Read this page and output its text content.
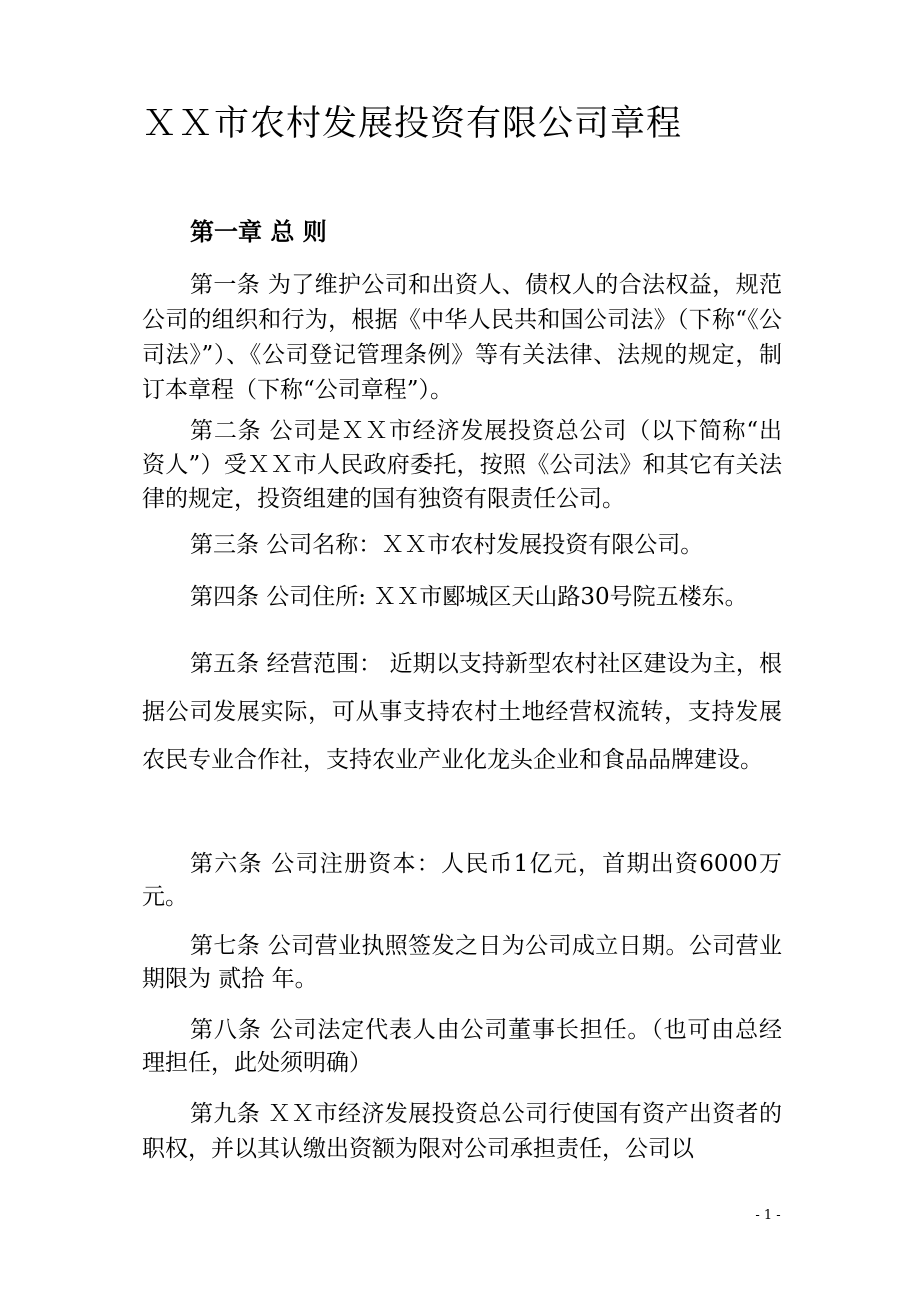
ＸＸ市农村发展投资有限公司章程
第一章 总 则

第一条 为了维护公司和出资人、债权人的合法权益，规范公司的组织和行为，根据《中华人民共和国公司法》（下称“《公司法》”）、《公司登记管理条例》等有关法律、法规的规定，制订本章程（下称“公司章程”）。

第二条 公司是ＸＸ市经济发展投资总公司（以下简称“出资人”）受ＸＸ市人民政府委托，按照《公司法》和其它有关法律的规定，投资组建的国有独资有限责任公司。

第三条 公司名称：ＸＸ市农村发展投资有限公司。

第四条 公司住所: ＸＸ市郾城区天山路30号院五楼东。

第五条 经营范围： 近期以支持新型农村社区建设为主，根据公司发展实际，可从事支持农村土地经营权流转，支持发展农民专业合作社，支持农业产业化龙头企业和食品品牌建设。

第六条 公司注册资本：人民币1亿元，首期出资6000万元。

第七条 公司营业执照签发之日为公司成立日期。公司营业期限为 贰拾 年。

第八条 公司法定代表人由公司董事长担任。（也可由总经理担任，此处须明确）

第九条 ＸＸ市经济发展投资总公司行使国有资产出资者的职权，并以其认缴出资额为限对公司承担责任，公司以

- 1 -
